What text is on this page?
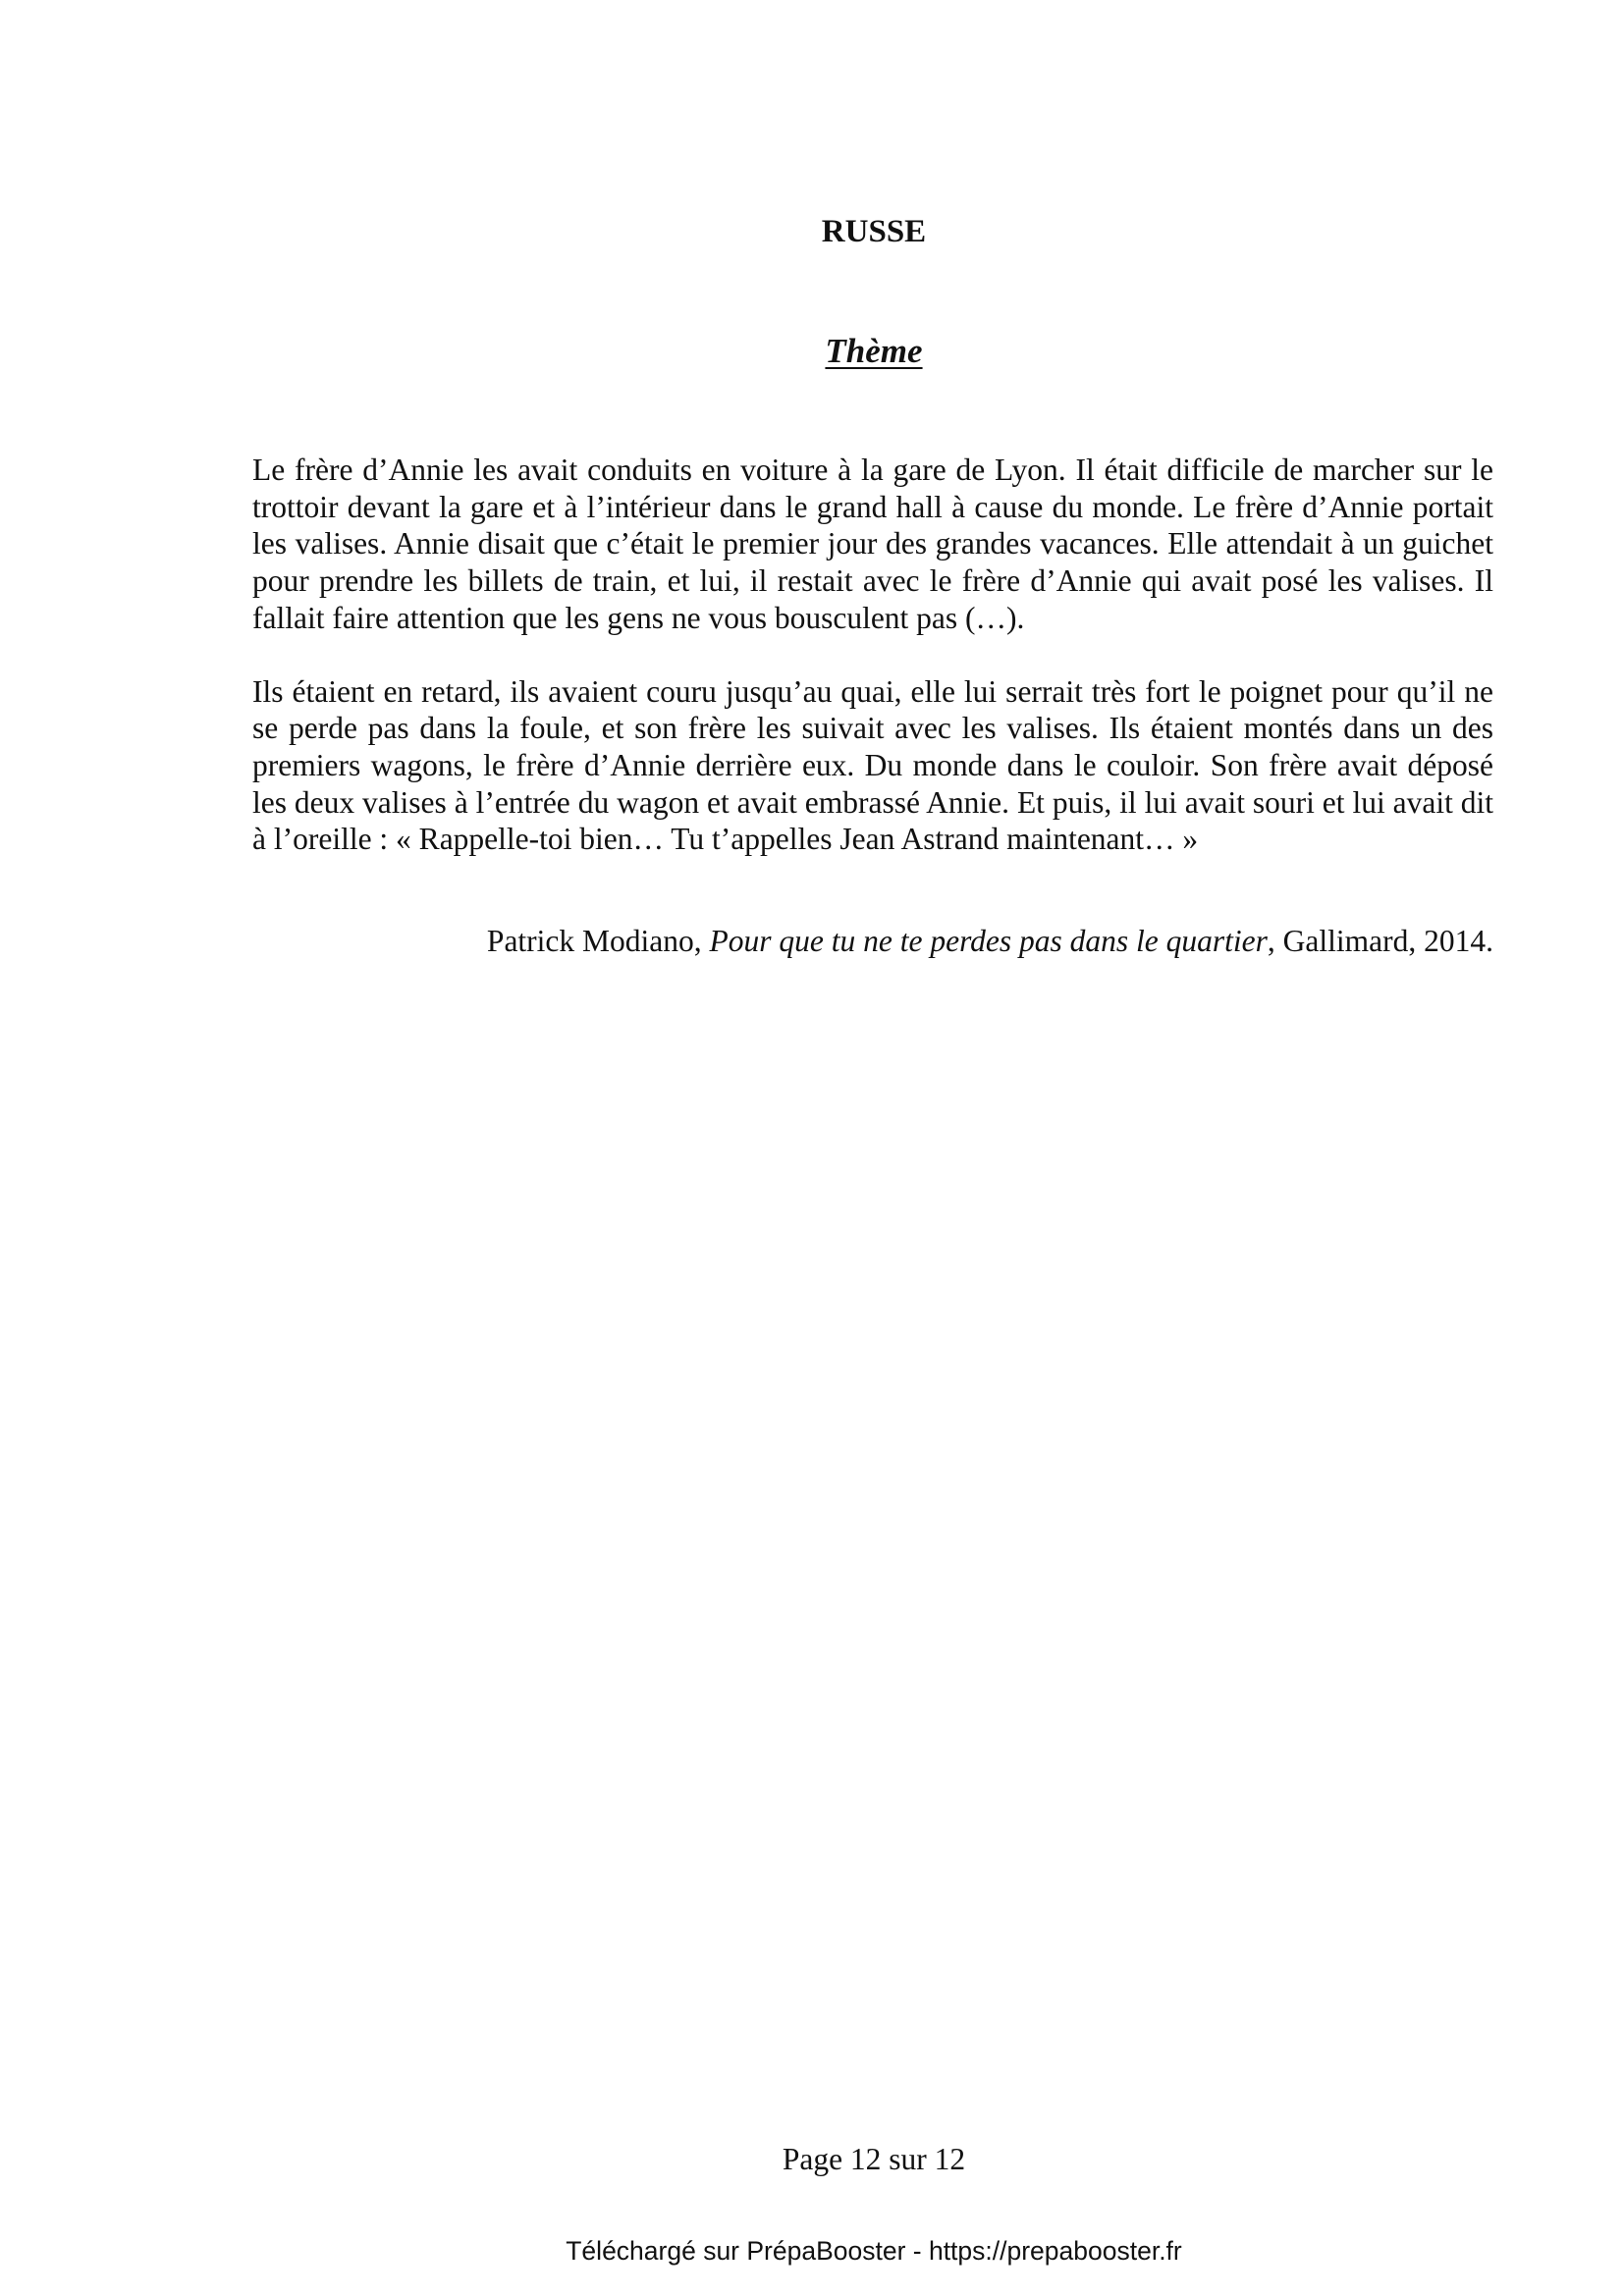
RUSSE
Thème

Le frère d’Annie les avait conduits en voiture à la gare de Lyon. Il était difficile de marcher sur le trottoir devant la gare et à l’intérieur dans le grand hall à cause du monde. Le frère d’Annie portait les valises. Annie disait que c’était le premier jour des grandes vacances. Elle attendait à un guichet pour prendre les billets de train, et lui, il restait avec le frère d’Annie qui avait posé les valises. Il fallait faire attention que les gens ne vous bousculent pas (…).

Ils étaient en retard, ils avaient couru jusqu’au quai, elle lui serrait très fort le poignet pour qu’il ne se perde pas dans la foule, et son frère les suivait avec les valises. Ils étaient montés dans un des premiers wagons, le frère d’Annie derrière eux. Du monde dans le couloir. Son frère avait déposé les deux valises à l’entrée du wagon et avait embrassé Annie. Et puis, il lui avait souri et lui avait dit à l’oreille : « Rappelle-toi bien… Tu t’appelles Jean Astrand maintenant… »

Patrick Modiano, Pour que tu ne te perdes pas dans le quartier, Gallimard, 2014.

Page 12 sur 12

Téléchargé sur PrépaBooster - https://prepabooster.fr
